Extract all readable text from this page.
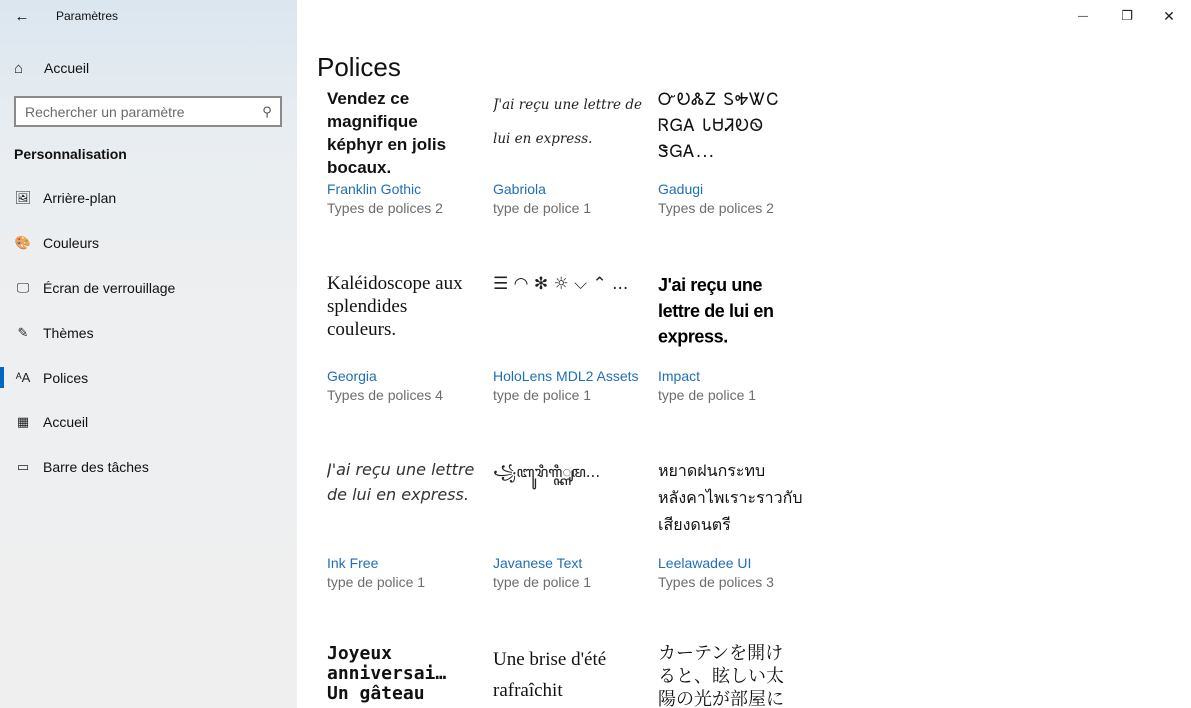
← Paramètres
⌂	Accueil
Rechercher un paramètre	⚲
Personnalisation
🖼 Arrière-plan
🎨 Couleurs
🖵 Écran de verrouillage
✎ Thèmes
ᴬA Polices
▦ Accueil
▭ Barre des tâches
—	❐ ✕
Polices
Vendez ce magnifique képhyr en jolis bocaux.
Franklin Gothic
Types de polices 2
J'ai reçu une lettre de lui en express.
Gabriola
type de police 1
ᏅᎧᏜᏃ ᏚᎭᏔᏟ ᏒᏀᎪ ᏓᏌᏘᎧᏫ ᏕᏀᎪ...
Gadugi
Types de polices 2
Kaléidoscope aux splendides couleurs.
Georgia
Types de polices 4
☰ ◠ ✻ ☼ ⌵ ⌃ ...
HoloLens MDL2 Assets
type de police 1
J'ai reçu une lettre de lui en express.
Impact
type de police 1
J'ai reçu une lettre de lui en express.
Ink Free
type de police 1
꧁ꦧꦸꦫꦶꦒꦶ꧀ꦏꦸꦩ...
Javanese Text
type de police 1
หยาดฝนกระทบหลังคาไพเราะราวกับเสียงดนตรี
Leelawadee UI
Types de polices 3
Joyeux anniversai… Un gâteau
Une brise d'été rafraîchit
カーテンを開けると、眩しい太陽の光が部屋に
